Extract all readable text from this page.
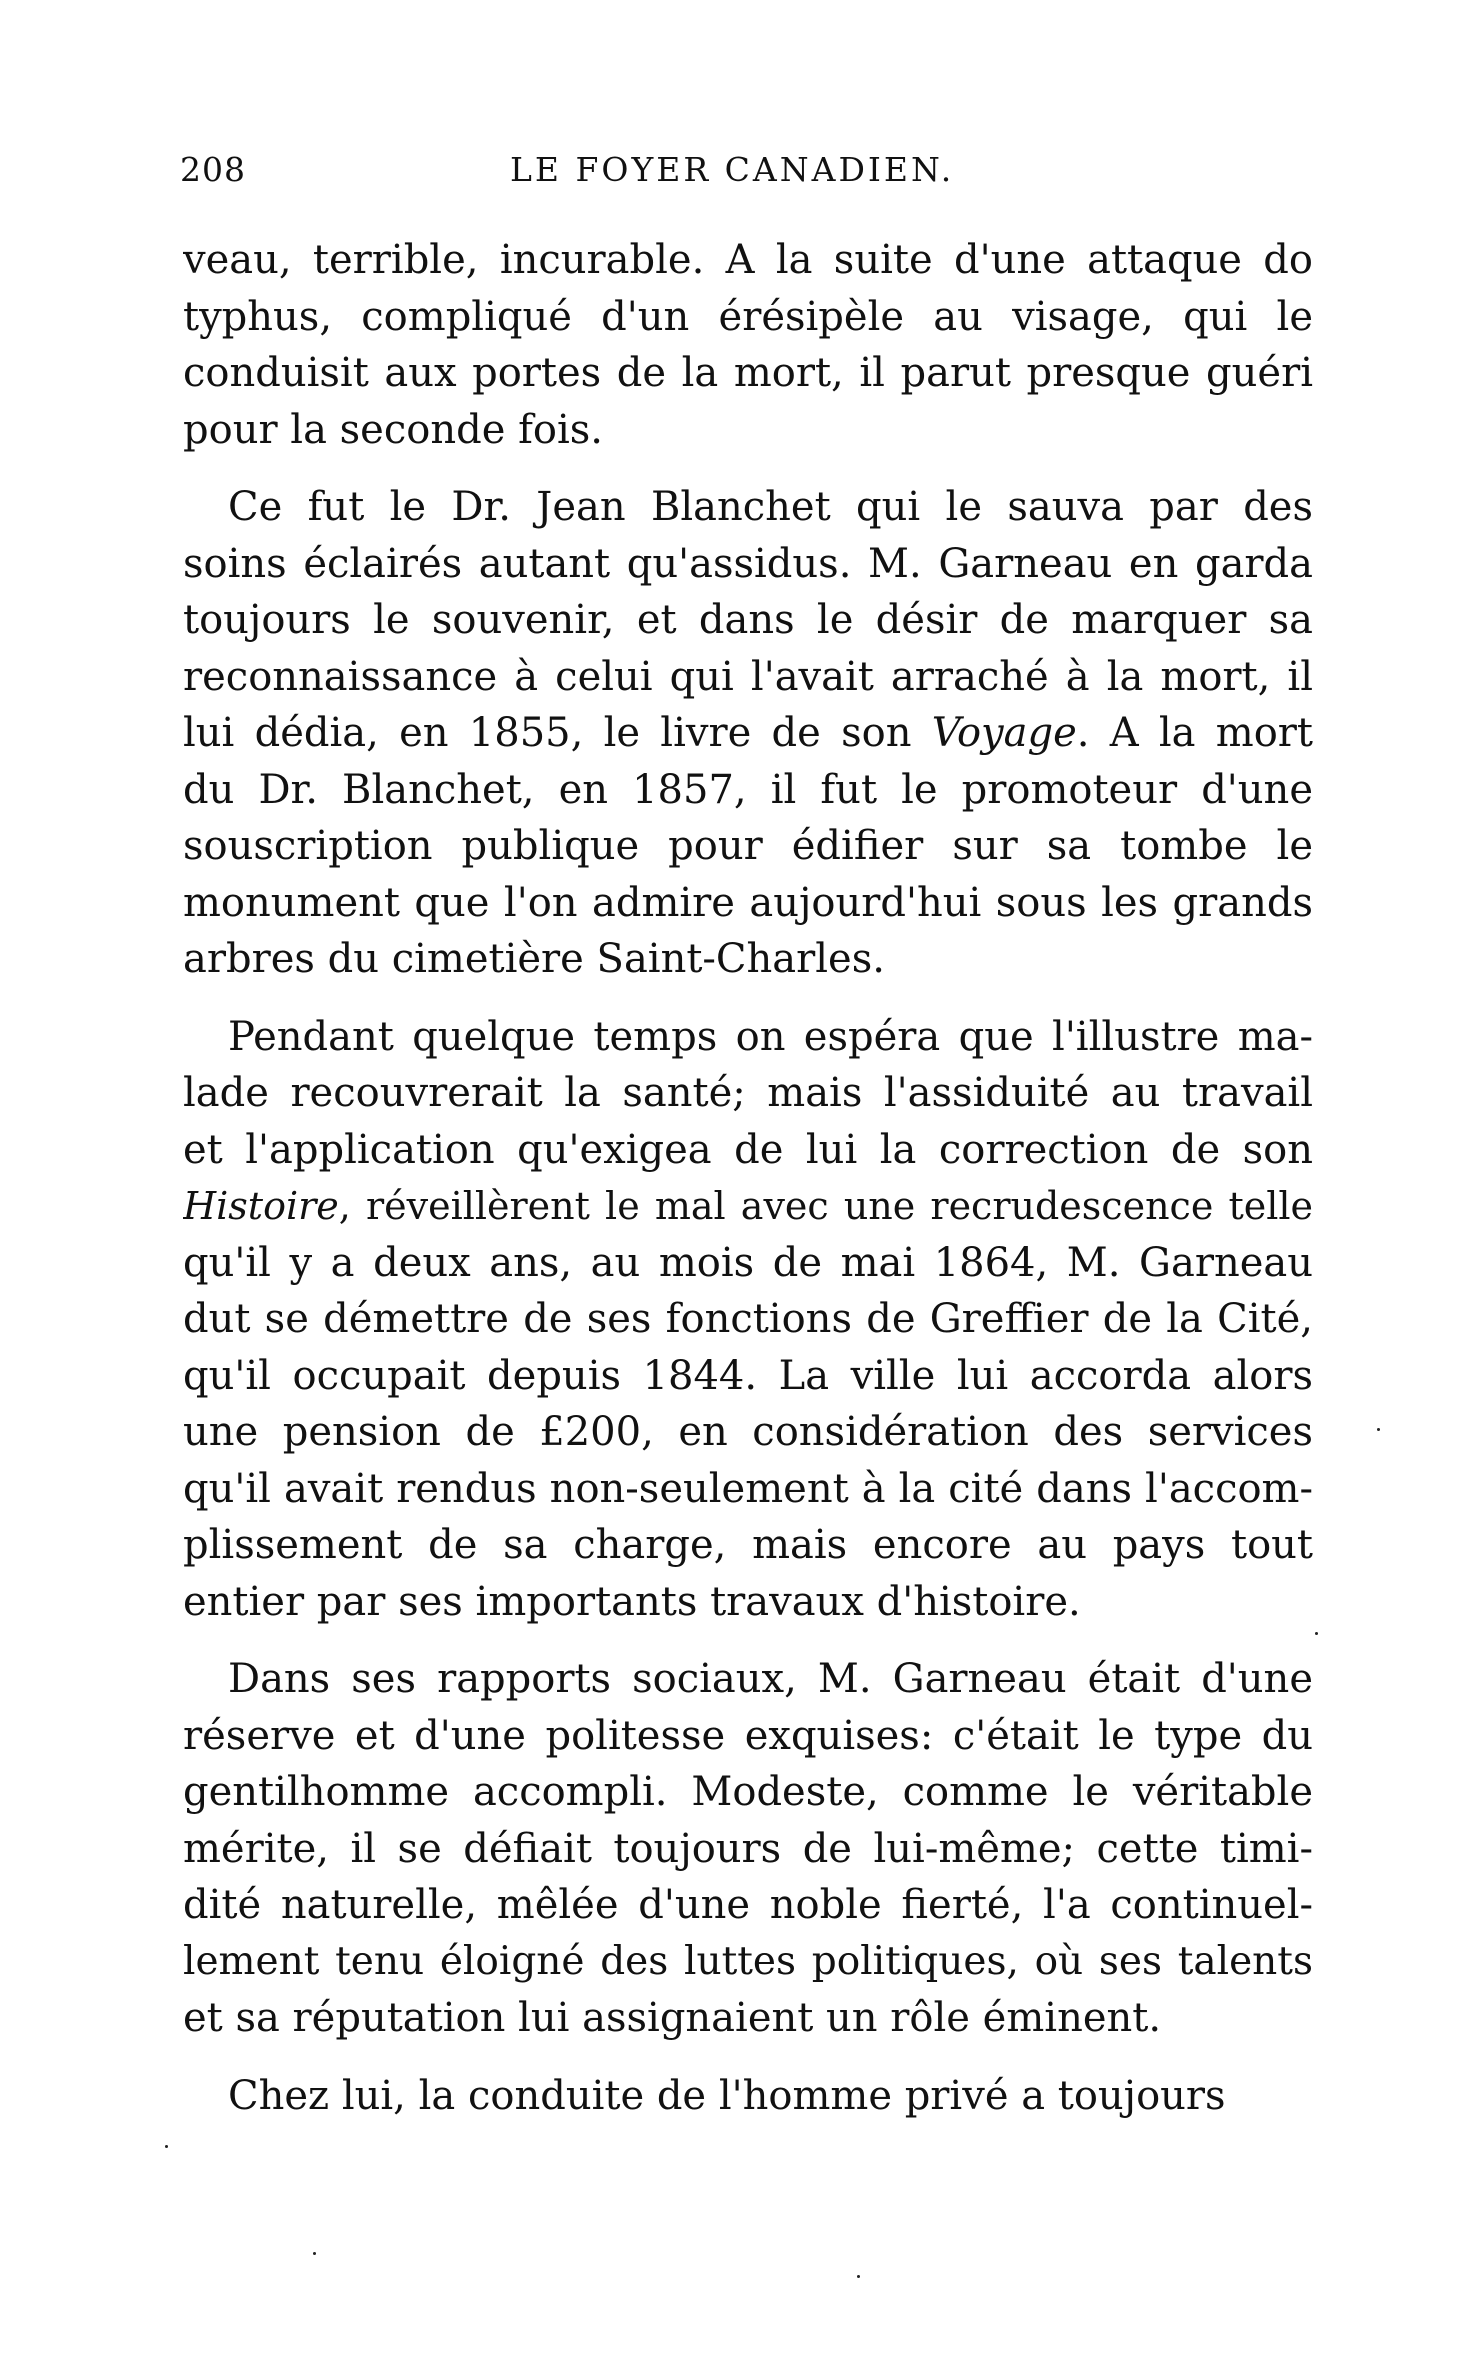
208	LE FOYER CANADIEN.
veau, terrible, incurable. A la suite d'une attaque do
typhus, compliqué d'un érésipèle au visage, qui le
conduisit aux portes de la mort, il parut presque guéri
pour la seconde fois.
Ce fut le Dr. Jean Blanchet qui le sauva par des
soins éclairés autant qu'assidus. M. Garneau en garda
toujours le souvenir, et dans le désir de marquer sa
reconnaissance à celui qui l'avait arraché à la mort, il
lui dédia, en 1855, le livre de son Voyage. A la mort
du Dr. Blanchet, en 1857, il fut le promoteur d'une
souscription publique pour édifier sur sa tombe le
monument que l'on admire aujourd'hui sous les grands
arbres du cimetière Saint-Charles.
Pendant quelque temps on espéra que l'illustre ma-
lade recouvrerait la santé; mais l'assiduité au travail
et l'application qu'exigea de lui la correction de son
Histoire, réveillèrent le mal avec une recrudescence telle
qu'il y a deux ans, au mois de mai 1864, M. Garneau
dut se démettre de ses fonctions de Greffier de la Cité,
qu'il occupait depuis 1844. La ville lui accorda alors
une pension de £200, en considération des services
qu'il avait rendus non-seulement à la cité dans l'accom-
plissement de sa charge, mais encore au pays tout
entier par ses importants travaux d'histoire.
Dans ses rapports sociaux, M. Garneau était d'une
réserve et d'une politesse exquises: c'était le type du
gentilhomme accompli. Modeste, comme le véritable
mérite, il se défiait toujours de lui-même; cette timi-
dité naturelle, mêlée d'une noble fierté, l'a continuel-
lement tenu éloigné des luttes politiques, où ses talents
et sa réputation lui assignaient un rôle éminent.
Chez lui, la conduite de l'homme privé a toujours
